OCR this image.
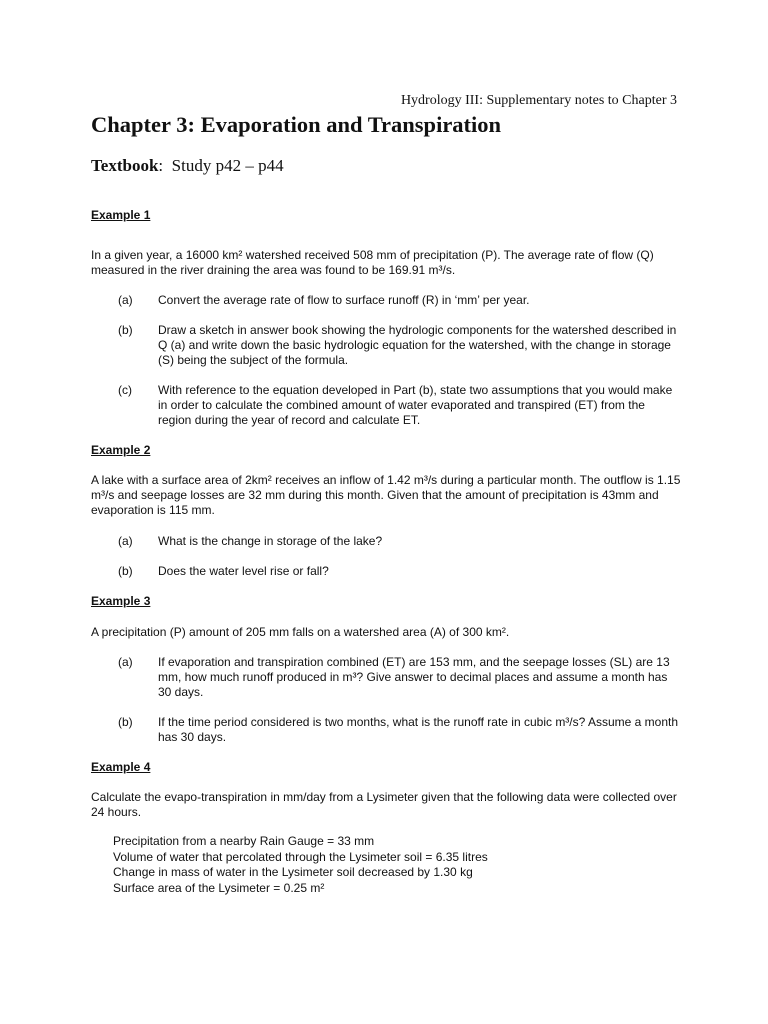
Hydrology III: Supplementary notes to Chapter 3
Chapter 3: Evaporation and Transpiration
Textbook: Study p42 – p44
Example 1
In a given year, a 16000 km² watershed received 508 mm of precipitation (P). The average rate of flow (Q) measured in the river draining the area was found to be 169.91 m³/s.
(a) Convert the average rate of flow to surface runoff (R) in ‘mm’ per year.
(b) Draw a sketch in answer book showing the hydrologic components for the watershed described in Q (a) and write down the basic hydrologic equation for the watershed, with the change in storage (S) being the subject of the formula.
(c) With reference to the equation developed in Part (b), state two assumptions that you would make in order to calculate the combined amount of water evaporated and transpired (ET) from the region during the year of record and calculate ET.
Example 2
A lake with a surface area of 2km² receives an inflow of 1.42 m³/s during a particular month. The outflow is 1.15 m³/s and seepage losses are 32 mm during this month. Given that the amount of precipitation is 43mm and evaporation is 115 mm.
(a) What is the change in storage of the lake?
(b) Does the water level rise or fall?
Example 3
A precipitation (P) amount of 205 mm falls on a watershed area (A) of 300 km².
(a) If evaporation and transpiration combined (ET) are 153 mm, and the seepage losses (SL) are 13 mm, how much runoff produced in m³? Give answer to decimal places and assume a month has 30 days.
(b) If the time period considered is two months, what is the runoff rate in cubic m³/s? Assume a month has 30 days.
Example 4
Calculate the evapo-transpiration in mm/day from a Lysimeter given that the following data were collected over 24 hours.
Precipitation from a nearby Rain Gauge = 33 mm
Volume of water that percolated through the Lysimeter soil = 6.35 litres
Change in mass of water in the Lysimeter soil decreased by 1.30 kg
Surface area of the Lysimeter = 0.25 m²
